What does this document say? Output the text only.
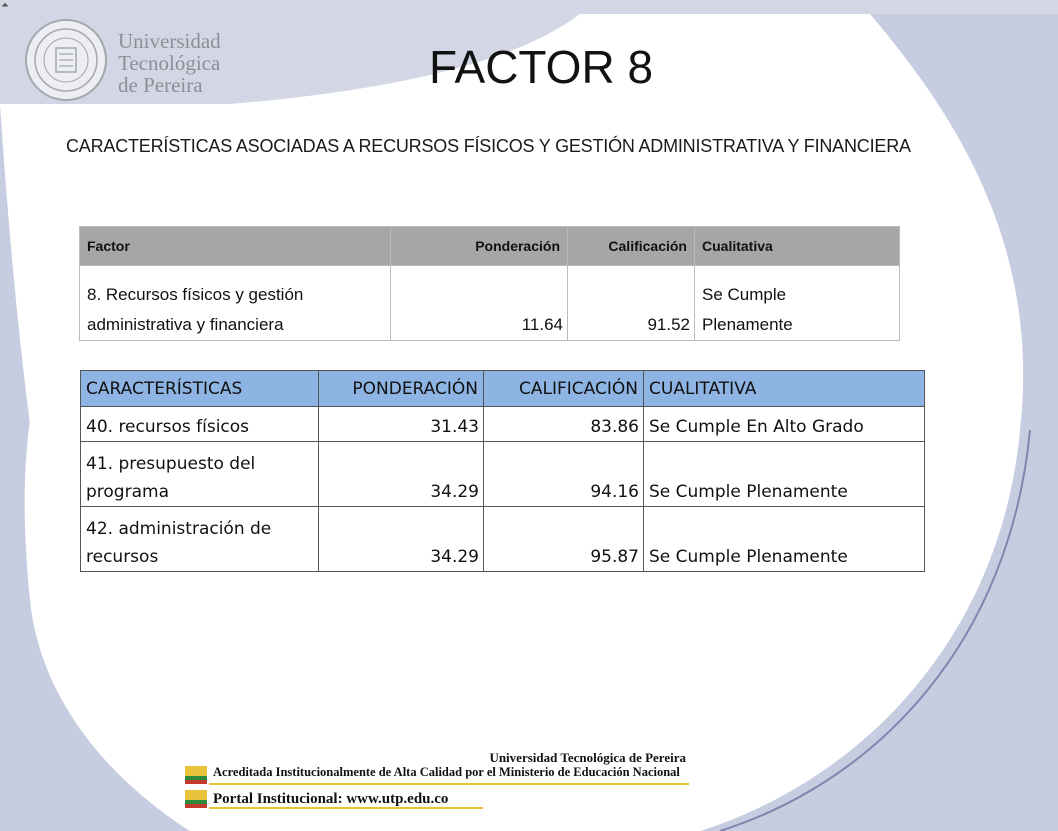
⏶
Universidad
Tecnológica
de Pereira	FACTOR 8
CARACTERÍSTICAS ASOCIADAS A RECURSOS FÍSICOS Y GESTIÓN ADMINISTRATIVA Y FINANCIERA
Factor	Ponderación	Calificación	Cualitativa
8. Recursos físicos y gestión
administrativa y financiera	11.64	91.52	Se Cumple
Plenamente
CARACTERÍSTICAS	PONDERACIÓN	CALIFICACIÓN	CUALITATIVA
40. recursos físicos	31.43	83.86	Se Cumple En Alto Grado
41. presupuesto del
programa	34.29	94.16	Se Cumple Plenamente
42. administración de
recursos	34.29	95.87	Se Cumple Plenamente
Universidad Tecnológica de Pereira
Acreditada Institucionalmente de Alta Calidad por el Ministerio de Educación Nacional
Portal Institucional: www.utp.edu.co
